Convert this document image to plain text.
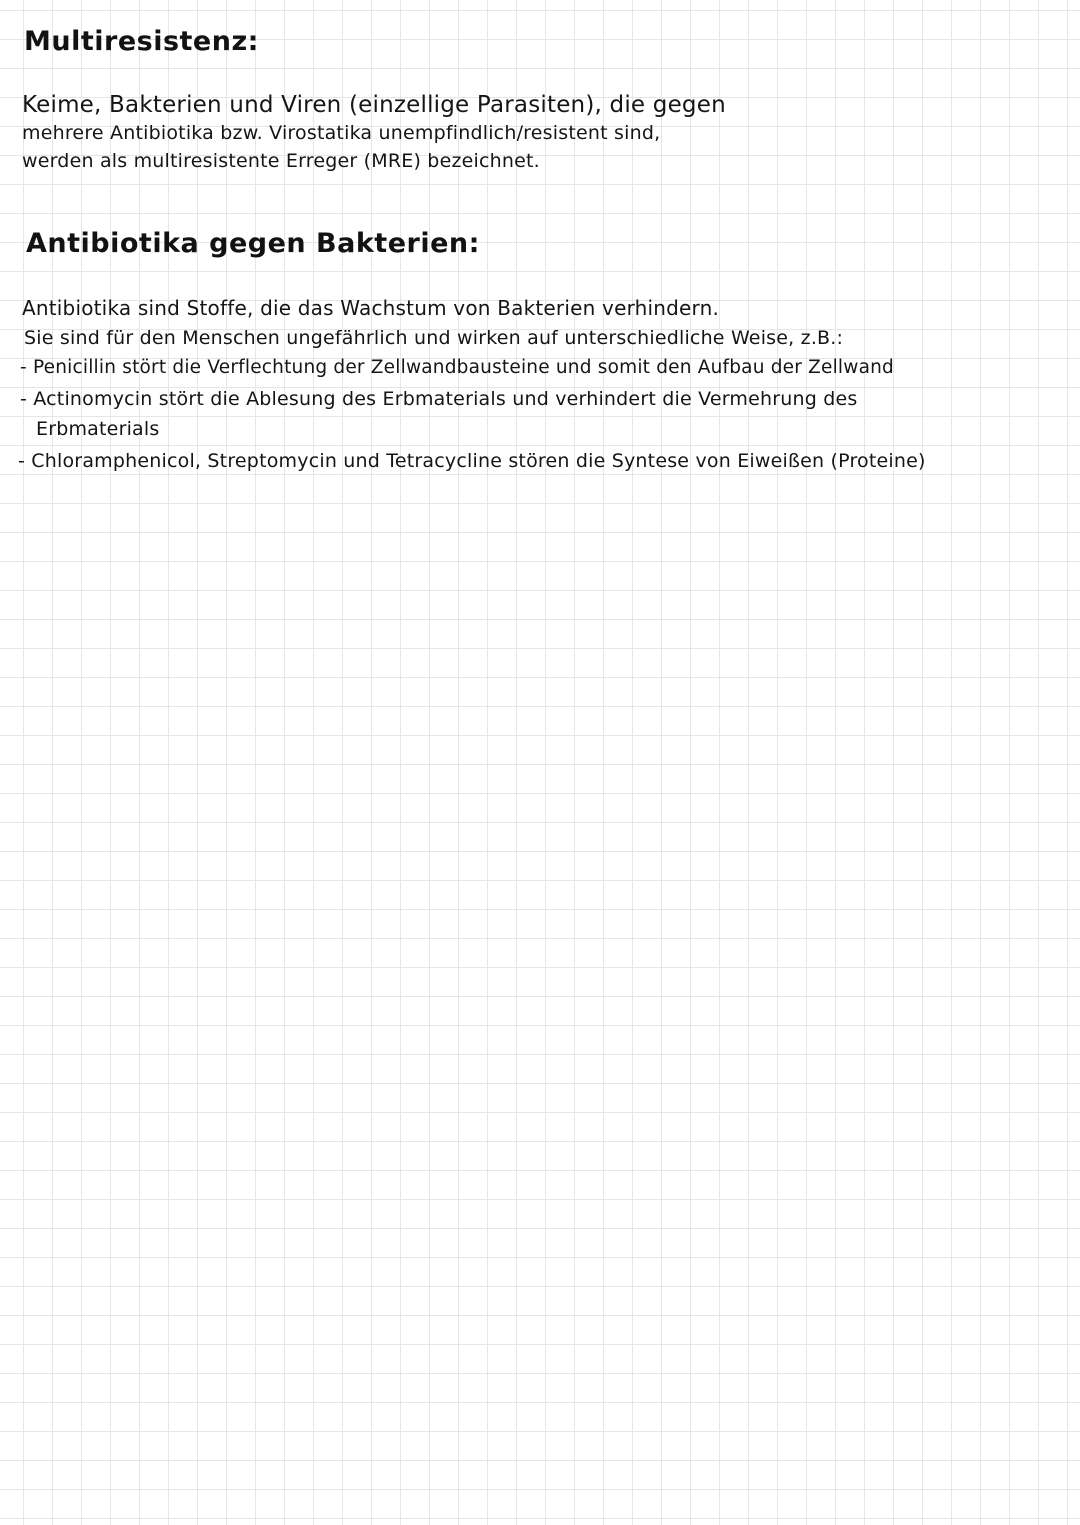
Multiresistenz:
Keime, Bakterien und Viren (einzellige Parasiten), die gegen
mehrere Antibiotika bzw. Virostatika unempfindlich/resistent sind,
werden als multiresistente Erreger (MRE) bezeichnet.
Antibiotika gegen Bakterien:
Antibiotika sind Stoffe, die das Wachstum von Bakterien verhindern.
Sie sind für den Menschen ungefährlich und wirken auf unterschiedliche Weise, z.B.:
- Penicillin stört die Verflechtung der Zellwandbausteine und somit den Aufbau der Zellwand
- Actinomycin stört die Ablesung des Erbmaterials und verhindert die Vermehrung des
Erbmaterials
- Chloramphenicol, Streptomycin und Tetracycline stören die Syntese von Eiweißen (Proteine)
